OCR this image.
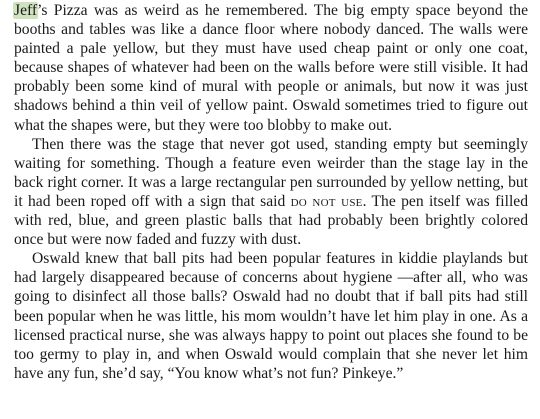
Jeff’s Pizza was as weird as he remembered. The big empty space beyond the booths and tables was like a dance floor where nobody danced. The walls were painted a pale yellow, but they must have used cheap paint or only one coat, because shapes of whatever had been on the walls before were still visible. It had probably been some kind of mural with people or animals, but now it was just shadows behind a thin veil of yellow paint. Oswald sometimes tried to figure out what the shapes were, but they were too blobby to make out.

Then there was the stage that never got used, standing empty but seemingly waiting for something. Though a feature even weirder than the stage lay in the back right corner. It was a large rectangular pen surrounded by yellow netting, but it had been roped off with a sign that said do not use. The pen itself was filled with red, blue, and green plastic balls that had probably been brightly colored once but were now faded and fuzzy with dust.

Oswald knew that ball pits had been popular features in kiddie playlands but had largely disappeared because of concerns about hygiene —after all, who was going to disinfect all those balls? Oswald had no doubt that if ball pits had still been popular when he was little, his mom wouldn’t have let him play in one. As a licensed practical nurse, she was always happy to point out places she found to be too germy to play in, and when Oswald would complain that she never let him have any fun, she’d say, “You know what’s not fun? Pinkeye.”
